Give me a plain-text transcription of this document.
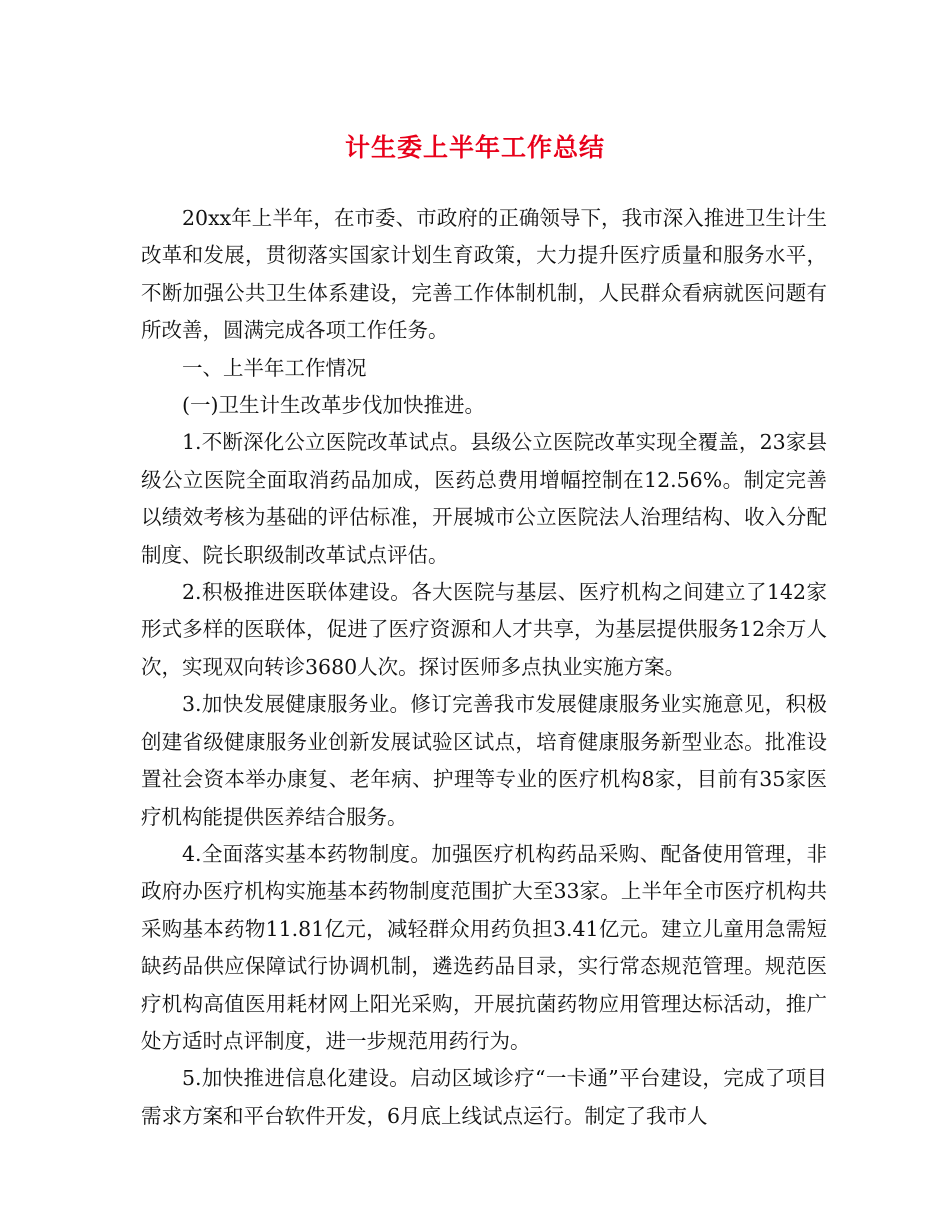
计生委上半年工作总结

20xx年上半年，在市委、市政府的正确领导下，我市深入推进卫生计生改革和发展，贯彻落实国家计划生育政策，大力提升医疗质量和服务水平，不断加强公共卫生体系建设，完善工作体制机制，人民群众看病就医问题有所改善，圆满完成各项工作任务。

一、上半年工作情况

(一)卫生计生改革步伐加快推进。

1.不断深化公立医院改革试点。县级公立医院改革实现全覆盖，23家县级公立医院全面取消药品加成，医药总费用增幅控制在12.56%。制定完善以绩效考核为基础的评估标准，开展城市公立医院法人治理结构、收入分配制度、院长职级制改革试点评估。

2.积极推进医联体建设。各大医院与基层、医疗机构之间建立了142家形式多样的医联体，促进了医疗资源和人才共享，为基层提供服务12余万人次，实现双向转诊3680人次。探讨医师多点执业实施方案。

3.加快发展健康服务业。修订完善我市发展健康服务业实施意见，积极创建省级健康服务业创新发展试验区试点，培育健康服务新型业态。批准设置社会资本举办康复、老年病、护理等专业的医疗机构8家，目前有35家医疗机构能提供医养结合服务。

4.全面落实基本药物制度。加强医疗机构药品采购、配备使用管理，非政府办医疗机构实施基本药物制度范围扩大至33家。上半年全市医疗机构共采购基本药物11.81亿元，减轻群众用药负担3.41亿元。建立儿童用急需短缺药品供应保障试行协调机制，遴选药品目录，实行常态规范管理。规范医疗机构高值医用耗材网上阳光采购，开展抗菌药物应用管理达标活动，推广处方适时点评制度，进一步规范用药行为。

5.加快推进信息化建设。启动区域诊疗“一卡通”平台建设，完成了项目需求方案和平台软件开发，6月底上线试点运行。制定了我市人
